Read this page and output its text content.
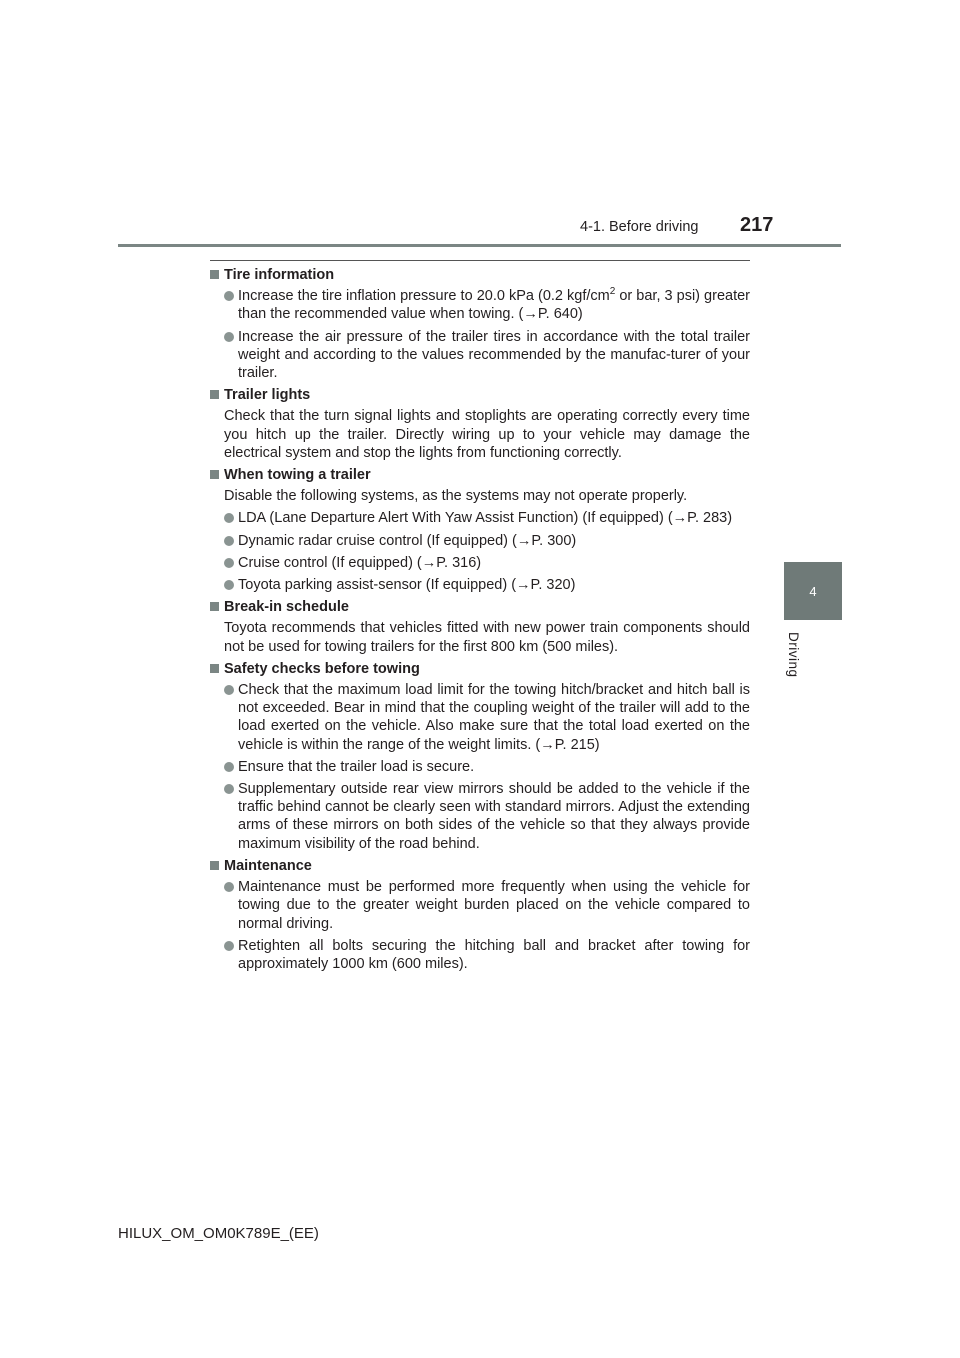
4-1. Before driving 217
4
Driving
Tire information
Increase the tire inflation pressure to 20.0 kPa (0.2 kgf/$cm^2$ or bar, 3 psi) greater than the recommended value when towing. (→P. 640)
Increase the air pressure of the trailer tires in accordance with the total trailer weight and according to the values recommended by the manufac-turer of your trailer.
Trailer lights
Check that the turn signal lights and stoplights are operating correctly every time you hitch up the trailer. Directly wiring up to your vehicle may damage the electrical system and stop the lights from functioning correctly.
When towing a trailer
Disable the following systems, as the systems may not operate properly.
LDA (Lane Departure Alert With Yaw Assist Function) (If equipped) (→P. 283)
Dynamic radar cruise control (If equipped) (→P. 300)
Cruise control (If equipped) (→P. 316)
Toyota parking assist-sensor (If equipped) (→P. 320)
Break-in schedule
Toyota recommends that vehicles fitted with new power train components should not be used for towing trailers for the first 800 km (500 miles).
Safety checks before towing
Check that the maximum load limit for the towing hitch/bracket and hitch ball is not exceeded. Bear in mind that the coupling weight of the trailer will add to the load exerted on the vehicle. Also make sure that the total load exerted on the vehicle is within the range of the weight limits. (→P. 215)
Ensure that the trailer load is secure.
Supplementary outside rear view mirrors should be added to the vehicle if the traffic behind cannot be clearly seen with standard mirrors. Adjust the extending arms of these mirrors on both sides of the vehicle so that they always provide maximum visibility of the road behind.
Maintenance
Maintenance must be performed more frequently when using the vehicle for towing due to the greater weight burden placed on the vehicle compared to normal driving.
Retighten all bolts securing the hitching ball and bracket after towing for approximately 1000 km (600 miles).
HILUX_OM_OM0K789E_(EE)
